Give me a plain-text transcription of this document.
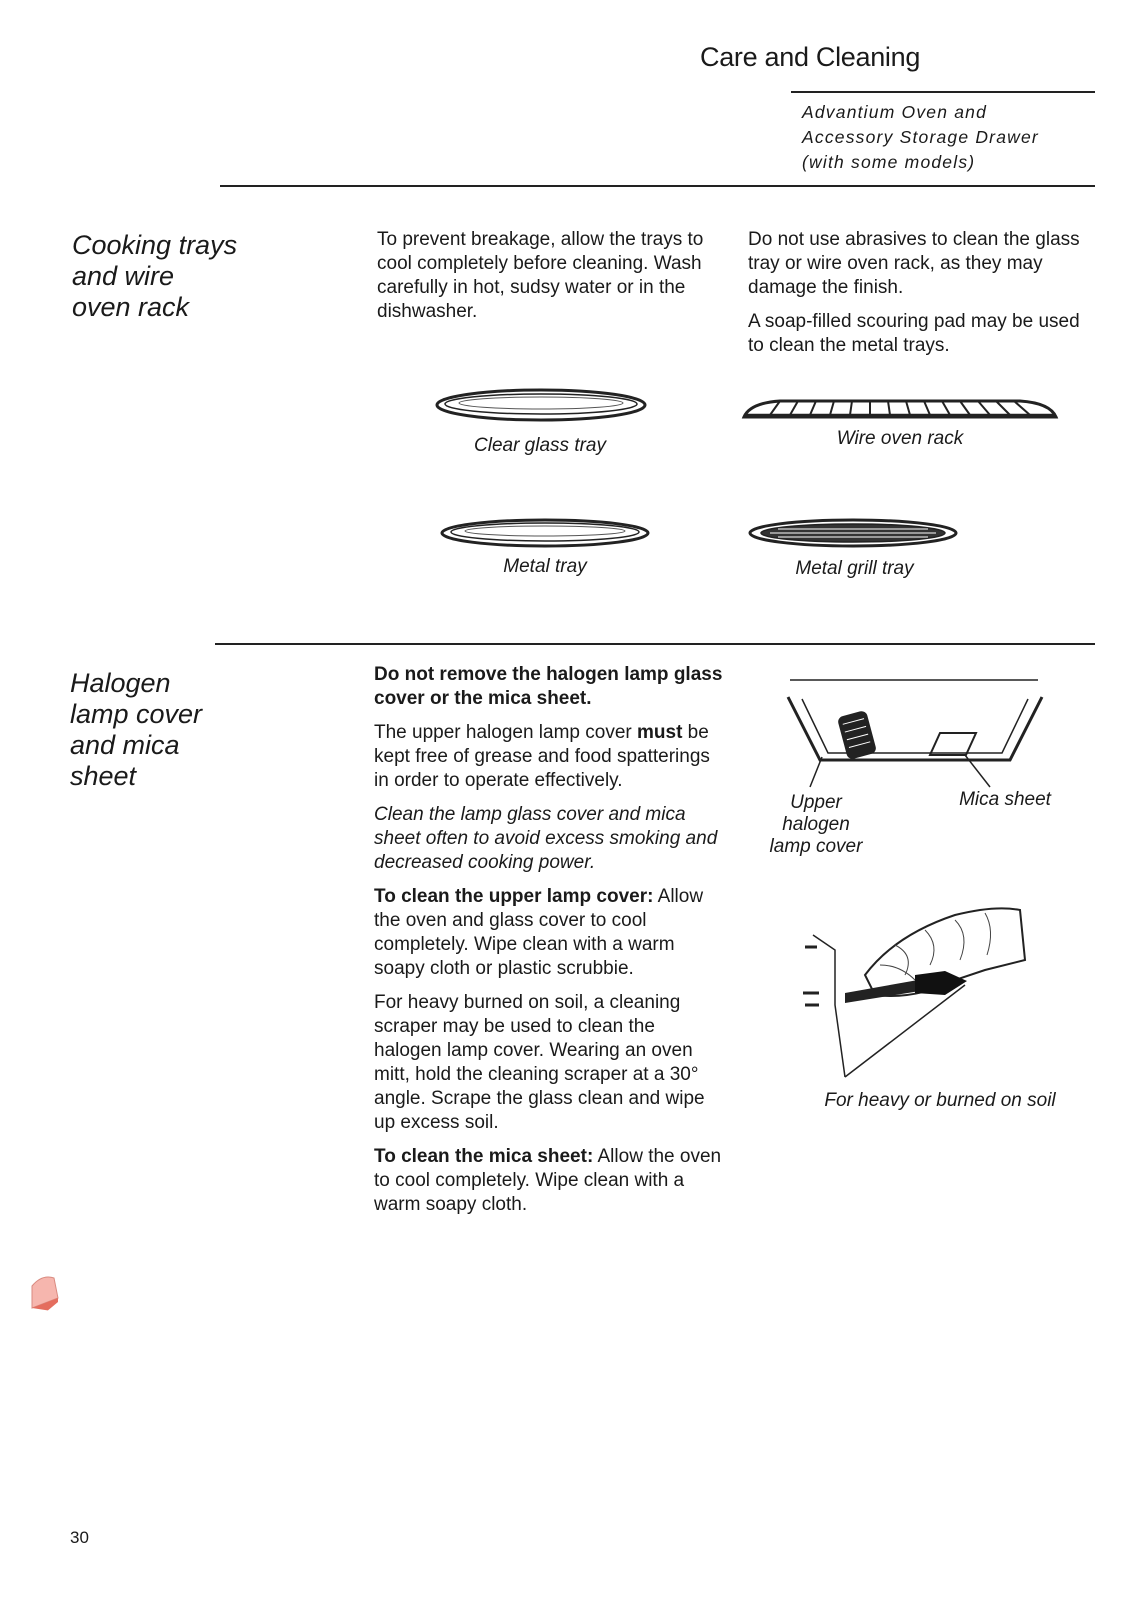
Care and Cleaning
Advantium Oven and
Accessory Storage Drawer
(with some models)
Cooking trays
and wire
oven rack

To prevent breakage, allow the trays to cool completely before cleaning. Wash carefully in hot, sudsy water or in the dishwasher.

Do not use abrasives to clean the glass tray or wire oven rack, as they may damage the finish.

A soap-filled scouring pad may be used to clean the metal trays.

Clear glass tray	Wire oven rack
Metal tray	Metal grill tray
Halogen
lamp cover
and mica
sheet

Do not remove the halogen lamp glass cover or the mica sheet.

The upper halogen lamp cover must be kept free of grease and food spatterings in order to operate effectively.

Clean the lamp glass cover and mica sheet often to avoid excess smoking and decreased cooking power.

To clean the upper lamp cover: Allow the oven and glass cover to cool completely. Wipe clean with a warm soapy cloth or plastic scrubbie.

For heavy burned on soil, a cleaning scraper may be used to clean the halogen lamp cover. Wearing an oven mitt, hold the cleaning scraper at a 30° angle. Scrape the glass clean and wipe up excess soil.

To clean the mica sheet: Allow the oven to cool completely. Wipe clean with a warm soapy cloth.

Upper
halogen
lamp cover
Mica sheet
For heavy or burned on soil
30
